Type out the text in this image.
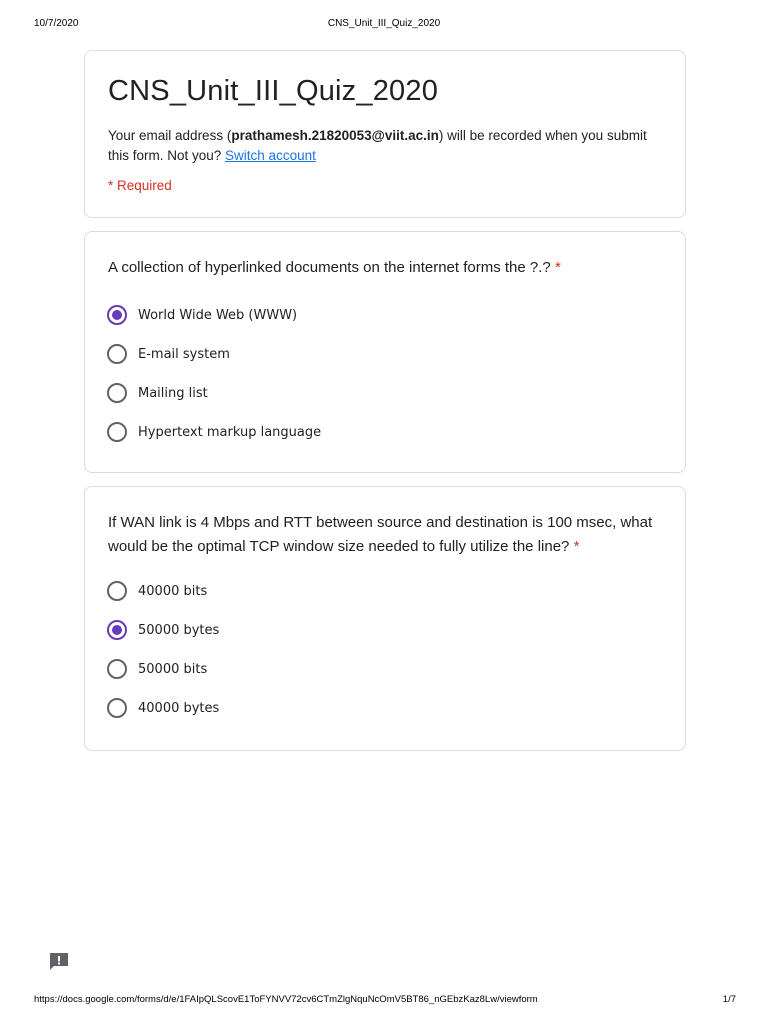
10/7/2020	CNS_Unit_III_Quiz_2020
CNS_Unit_III_Quiz_2020
Your email address (prathamesh.21820053@viit.ac.in) will be recorded when you submit this form. Not you? Switch account
* Required
A collection of hyperlinked documents on the internet forms the ?.? *
World Wide Web (WWW)
E-mail system
Mailing list
Hypertext markup language
If WAN link is 4 Mbps and RTT between source and destination is 100 msec, what would be the optimal TCP window size needed to fully utilize the line? *
40000 bits
50000 bytes
50000 bits
40000 bytes
https://docs.google.com/forms/d/e/1FAIpQLScovE1ToFYNVV72cv6CTmZlgNquNcOmV5BT86_nGEbzKaz8Lw/viewform	1/7
